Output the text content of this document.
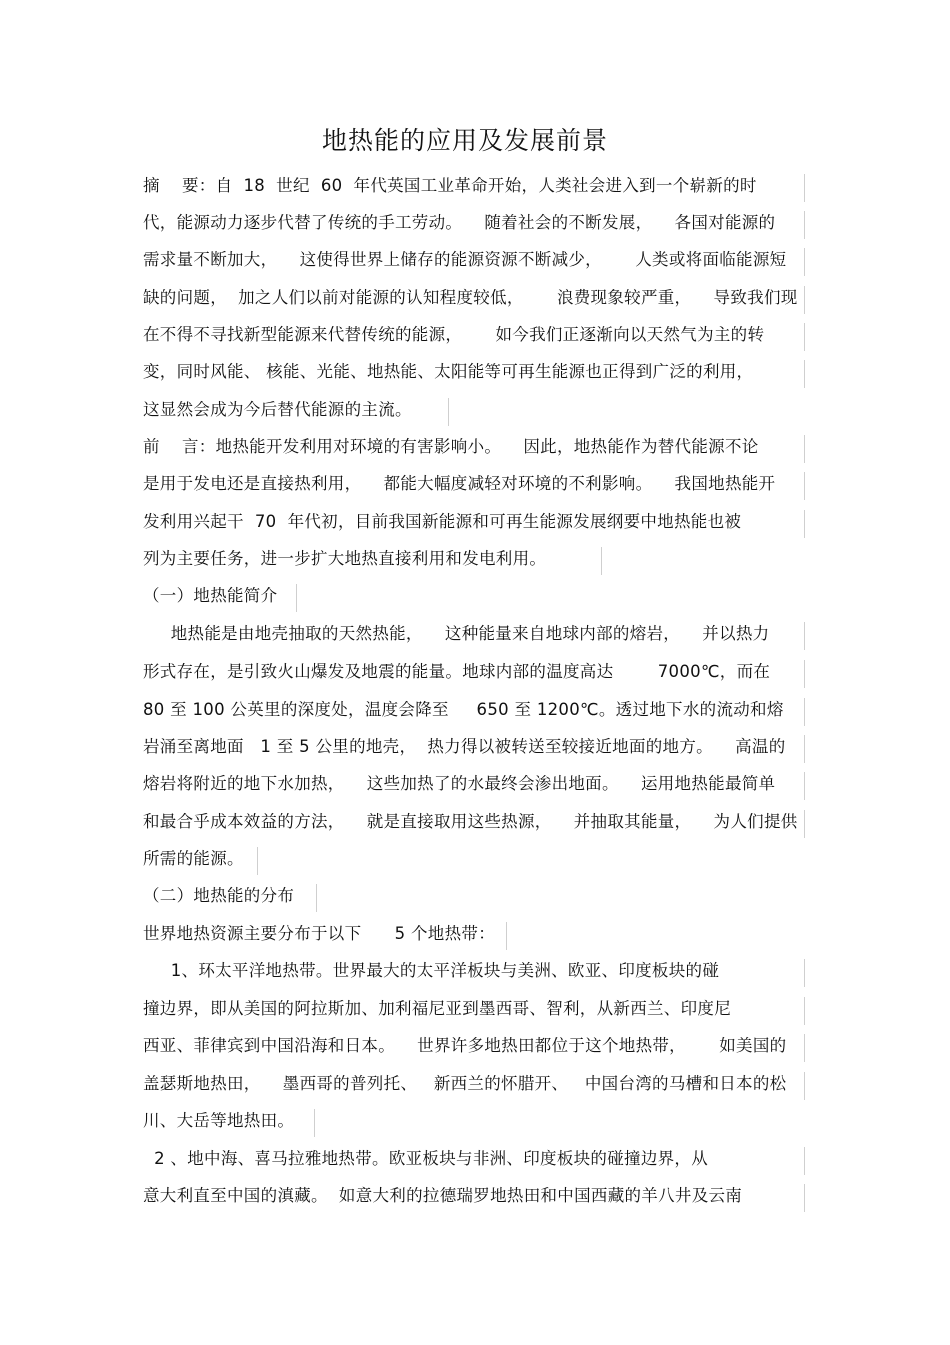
地热能的应用及发展前景
摘    要：自  18  世纪  60  年代英国工业革命开始，人类社会进入到一个崭新的时
代，能源动力逐步代替了传统的手工劳动。    随着社会的不断发展，    各国对能源的
需求量不断加大，    这使得世界上储存的能源资源不断减少，      人类或将面临能源短
缺的问题，  加之人们以前对能源的认知程度较低，      浪费现象较严重，    导致我们现
在不得不寻找新型能源来代替传统的能源，      如今我们正逐渐向以天然气为主的转
变，同时风能、 核能、光能、地热能、太阳能等可再生能源也正得到广泛的利用，
这显然会成为今后替代能源的主流。
前    言：地热能开发利用对环境的有害影响小。    因此，地热能作为替代能源不论
是用于发电还是直接热利用，    都能大幅度减轻对环境的不利影响。    我国地热能开
发利用兴起干  70  年代初，目前我国新能源和可再生能源发展纲要中地热能也被
列为主要任务，进一步扩大地热直接利用和发电利用。
（一）地热能简介
地热能是由地壳抽取的天然热能，    这种能量来自地球内部的熔岩，    并以热力
形式存在，是引致火山爆发及地震的能量。地球内部的温度高达        7000℃，而在
80 至 100 公英里的深度处，温度会降至     650 至 1200℃。透过地下水的流动和熔
岩涌至离地面   1 至 5 公里的地壳，  热力得以被转送至较接近地面的地方。    高温的
熔岩将附近的地下水加热，    这些加热了的水最终会渗出地面。    运用地热能最简单
和最合乎成本效益的方法，    就是直接取用这些热源，    并抽取其能量，    为人们提供
所需的能源。
（二）地热能的分布
世界地热资源主要分布于以下      5 个地热带：
1、环太平洋地热带。世界最大的太平洋板块与美洲、欧亚、印度板块的碰
撞边界，即从美国的阿拉斯加、加利福尼亚到墨西哥、智利，从新西兰、印度尼
西亚、菲律宾到中国沿海和日本。    世界许多地热田都位于这个地热带，      如美国的
盖瑟斯地热田，    墨西哥的普列托、   新西兰的怀腊开、   中国台湾的马槽和日本的松
川、大岳等地热田。
2 、地中海、喜马拉雅地热带。欧亚板块与非洲、印度板块的碰撞边界，从
意大利直至中国的滇藏。  如意大利的拉德瑞罗地热田和中国西藏的羊八井及云南
